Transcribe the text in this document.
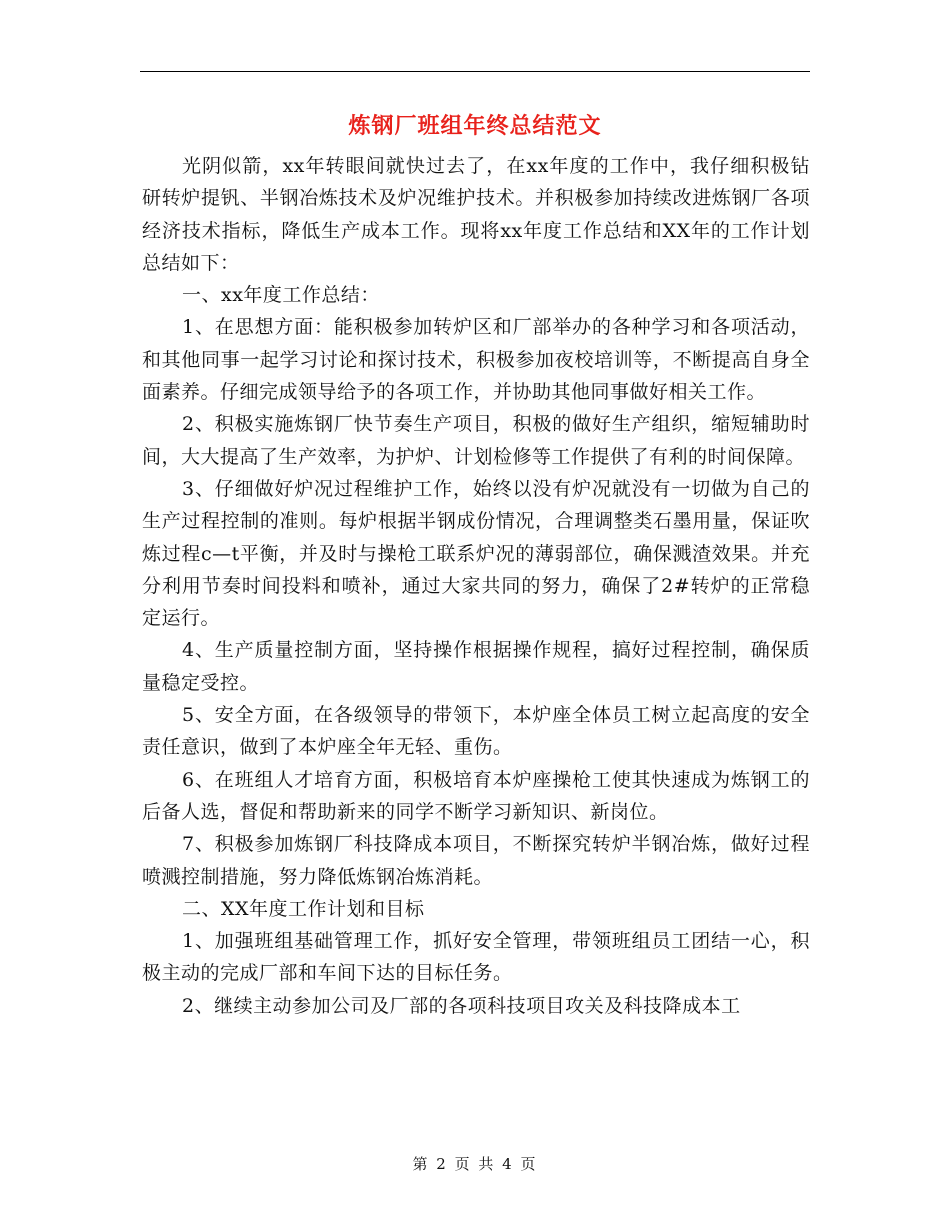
炼钢厂班组年终总结范文

光阴似箭，xx年转眼间就快过去了，在xx年度的工作中，我仔细积极钻研转炉提钒、半钢冶炼技术及炉况维护技术。并积极参加持续改进炼钢厂各项经济技术指标，降低生产成本工作。现将xx年度工作总结和XX年的工作计划总结如下：

一、xx年度工作总结：

1、在思想方面：能积极参加转炉区和厂部举办的各种学习和各项活动，和其他同事一起学习讨论和探讨技术，积极参加夜校培训等，不断提高自身全面素养。仔细完成领导给予的各项工作，并协助其他同事做好相关工作。

2、积极实施炼钢厂快节奏生产项目，积极的做好生产组织，缩短辅助时间，大大提高了生产效率，为护炉、计划检修等工作提供了有利的时间保障。

3、仔细做好炉况过程维护工作，始终以没有炉况就没有一切做为自己的生产过程控制的准则。每炉根据半钢成份情况，合理调整类石墨用量，保证吹炼过程c—t平衡，并及时与操枪工联系炉况的薄弱部位，确保溅渣效果。并充分利用节奏时间投料和喷补，通过大家共同的努力，确保了2#转炉的正常稳定运行。

4、生产质量控制方面，坚持操作根据操作规程，搞好过程控制，确保质量稳定受控。

5、安全方面，在各级领导的带领下，本炉座全体员工树立起高度的安全责任意识，做到了本炉座全年无轻、重伤。

6、在班组人才培育方面，积极培育本炉座操枪工使其快速成为炼钢工的后备人选，督促和帮助新来的同学不断学习新知识、新岗位。

7、积极参加炼钢厂科技降成本项目，不断探究转炉半钢冶炼，做好过程喷溅控制措施，努力降低炼钢冶炼消耗。

二、XX年度工作计划和目标

1、加强班组基础管理工作，抓好安全管理，带领班组员工团结一心，积极主动的完成厂部和车间下达的目标任务。

2、继续主动参加公司及厂部的各项科技项目攻关及科技降成本工

第 2 页 共 4 页
